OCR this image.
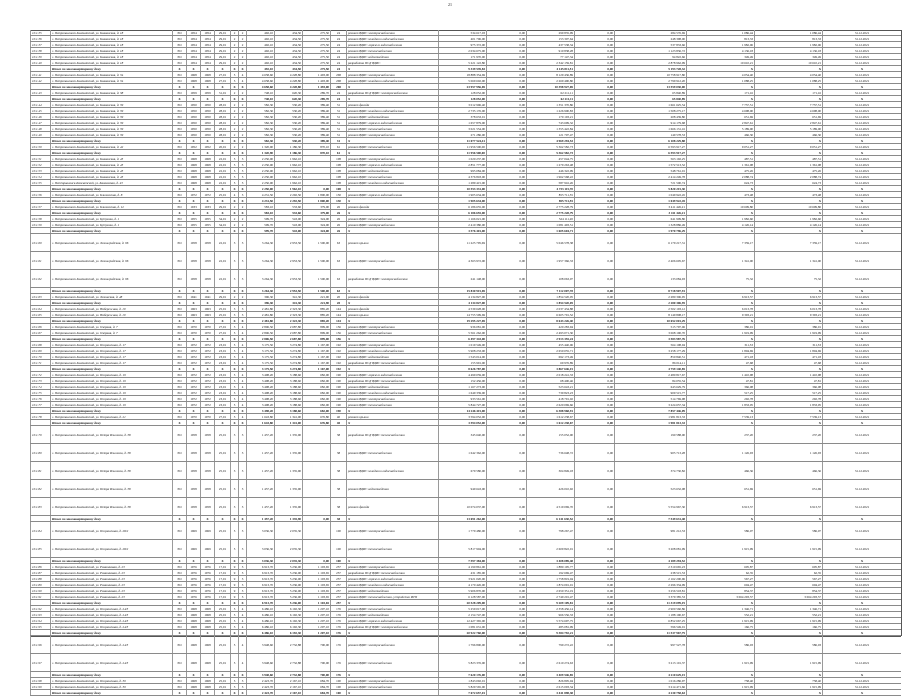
21
10.1.35	г. Петропавловск-Камчатский, ул. Кавказская, д. 18	РО	1954	1954	29,01	2	2	492,10	434,50	275,50	24	ремонт ВДИС электроснабжения	534 617,03	0,00	299 835,99	0,00	284 576,69	1 086,44	1 086,44	31.12.2021
10.1.36	г. Петропавловск-Камчатский, ул. Кавказская, д. 18	РО	1954	1954	29,01	2	2	492,10	434,50	275,50	24	ремонт ВДИС холодного водоснабжения	401 706,00	0,00	153 307,64	0,00	248 398,00	813,33	813,33	31.12.2021
10.1.37	г. Петропавловск-Камчатский, ул. Кавказская, д. 18	РО	1954	1954	29,01	2	2	492,10	434,50	275,50	24	ремонт ВДИС горячего водоснабжения	975 372,00	0,00	437 538,34	0,00	537 833,66	1 982,06	1 982,06	31.12.2021
10.1.38	г. Петропавловск-Камчатский, ул. Кавказская, д. 18	РО	1954	1954	29,01	2	2	492,10	434,50	275,50	24	ремонт ВДИС теплоснабжения	2 034 675,00	0,00	910 838,28	0,00	1 123 836,72	4 136,18	4 136,18	31.12.2021
10.1.39	г. Петропавловск-Камчатский, ул. Кавказская, д. 18	РО	1954	1954	29,01	2	2	492,10	434,50	275,50	24	ремонт ВДИС водоотведения	171 970,00	0,00	77 147,34	0,00	94 822,66	349,49	349,49	31.12.2021
10.1.40	г. Петропавловск-Камчатский, ул. Кавказская, д. 18	РО	1954	1954	29,01	2	2	492,10	434,50	275,50	24	разработка ПСД ВДИС	5 221 122,80	0,00	2 342 159,81	0,00	2 878 962,99	10 610,21	10 610,21	31.12.2021
Итого по многоквартирному дому	X	X	X	X	X	X	492,10	434,50	275,50	24	X	9 339 539,83	0,00	4 145 811,51	0,00	5 193 728,32	X	X	X
10.1.41	г. Петропавловск-Камчатский, ул. Кавказская, д. 34	РО	1968	1968	27,01	5	4	4 658,60	4 228,80	1 493,00	268	ремонт ВДИС электроснабжения	18 888 354,69	0,00	8 129 436,89	0,00	10 758 917,80	4 054,40	4 054,40	31.12.2021
10.1.42	г. Петропавловск-Камчатский, ул. Кавказская, д. 34	РО	1968	1968	27,01	5	4	4 658,60	4 228,80	1 493,00	268	ремонт ВДИС холодного водоснабжения	5 069 602,00	0,00	2 269 490,80	0,00	2 799 912,20	1 088,25	1 088,25	31.12.2021
Итого по многоквартирному дому	X	X	X	X	X	X	4 658,60	4 228,80	1 493,00	268	X	23 957 956,69	0,00	10 398 927,69	0,00	13 559 030,00	X	X	X
10.1.43	г. Петропавловск-Камчатский, ул. Кавказская, д. 38	РО	1959	1959	31,01	2	2	748,10	620,30	289,70	24	разработка ПСД ВДИС электроснабжения	128 052,00	0,00	62 211,11	0,00	65 840,89	171,16	171,16	31.12.2021
Итого по многоквартирному дому	X	X	X	X	X	X	748,10	620,30	289,70	24	X	128 052,00	0,00	62 211,11	0,00	65 840,89	X	X	X
10.1.44	г. Петропавловск-Камчатский, ул. Кавказская, д. 39	РО	1950	1950	28,01	2	2	582,30	530,20	389,40	31	ремонт фасада	3 012 996,40	0,00	1 351 370,86	0,00	1 661 625,54	7 757,51	7 757,51	31.12.2021
10.1.45	г. Петропавловск-Камчатский, ул. Кавказская, д. 39	РО	1950	1950	28,01	2	2	582,30	530,20	389,40	31	ремонт ВДИС холодного водоснабжения	2 735 176,00	0,00	1 226 900,83	0,00	1 508 275,17	4 698,00	4 698,00	31.12.2021
10.1.46	г. Петропавловск-Камчатский, ул. Кавказская, д. 39	РО	1950	1950	28,01	2	2	582,30	530,20	389,40	31	ремонт ВДИС водоотведения	378 633,01	0,00	170 193,21	0,00	208 439,80	651,69	651,69	31.12.2021
10.1.47	г. Петропавловск-Камчатский, ул. Кавказская, д. 39	РО	1950	1950	28,01	2	2	582,30	530,20	389,40	31	ремонт ВДИС горячего водоснабжения	1 657 879,00	0,00	743 699,32	0,00	914 179,68	2 847,61	2 847,61	31.12.2021
10.1.48	г. Петропавловск-Камчатский, ул. Кавказская, д. 39	РО	1950	1950	28,01	2	2	582,30	530,20	389,40	31	ремонт ВДИС теплоснабжения	3 021 554,00	0,00	1 355 422,84	0,00	1 666 131,16	5 189,00	5 189,00	31.12.2021
10.1.49	г. Петропавловск-Камчатский, ул. Кавказская, д. 39	РО	1950	1950	28,01	2	2	582,30	530,20	389,40	31	ремонт ВДИС электроснабжения	271 286,00	0,00	121 707,47	0,00	149 578,53	466,30	466,30	31.12.2021
Итого по многоквартирному дому	X	X	X	X	X	X	582,30	530,20	389,40	31	X	11 077 524,41	0,00	4 969 294,53	0,00	6 108 229,88	X	X	X
10.1.50	г. Петропавловск-Камчатский, ул. Кавказская, д. 42	РО	1952	1952	20,01	2	2	1 320,90	1 186,30	870,10	61	ремонт ВДИС теплоснабжения	11 956 500,00	0,00	5 362 582,73	0,00	6 593 917,27	9 051,27	9 051,27	31.12.2021
Итого по многоквартирному дому	X	X	X	X	X	X	1 320,90	1 186,30	870,10	61	X	11 956 500,00	0,00	5 362 582,73	0,00	6 593 917,27	X	X	X
10.1.51	г. Петропавловск-Камчатский, ул. Кавказская, д. 43	РО	1968	1968	22,01	5	3	2 250,00	1 962,10	108	ремонт ВДИС электроснабжения	1 020 237,00	0,00	457 044,75	0,00	563 192,25	487,51	487,51	31.12.2021
10.1.52	г. Петропавловск-Камчатский, ул. Кавказская, д. 43	РО	1968	1968	22,01	5	3	2 250,00	1 962,10	108	ремонт ВДИС горячего водоснабжения	2 851 777,00	0,00	1 279 263,48	0,00	1 572 513,52	1 361,08	1 361,08	31.12.2021
10.1.53	г. Петропавловск-Камчатский, ул. Кавказская, д. 43	РО	1968	1968	22,01	5	3	2 250,00	1 962,10	108	ремонт ВДИС водоотведения	995 084,00	0,00	446 322,99	0,00	548 761,01	475,26	475,26	31.12.2021
10.1.54	г. Петропавловск-Камчатский, ул. Кавказская, д. 43	РО	1968	1968	22,01	5	3	2 250,00	1 962,10	108	ремонт ВДИС теплоснабжения	4 376 818,00	0,00	1 962 568,22	0,00	2 414 249,78	2 088,74	2 088,74	31.12.2021
10.1.55	г. Петropавловск-Камчатский, ул. Кавказская, д. 43	РО	1968	1968	22,01	5	3	2 250,00	1 962,10	108	ремонт ВДИС холодного водоснабжения	1 289 415,00	0,00	587 916,26	0,00	721 500,74	624,73	624,73	31.12.2021
Итого по многоквартирному дому	X	X	X	X	X	X	2 250,00	1 962,10	0,00	108	X	10 553 331,00	0,00	4 733 115,70	0,00	5 820 215,30	X	X	X
10.1.56	г. Петропавловск-Камчатский, ул. Ключевская, д. 8	РО	1972	1972	25,01	4	3	4 231,50	2 292,50	1 800,00	130	ремонт ВДИС горячего водоснабжения	1 905 634,00	0,00	855 711,55	0,00	1 049 922,45	473,48	473,48	31.12.2021
Итого по многоквартирному дому	X	X	X	X	X	X	4 231,50	2 292,50	1 800,00	130	X	1 905 634,00	0,00	855 711,55	0,00	1 049 922,45	X	X	X
10.1.57	г. Петропавловск-Камчатский, ул. Ключевская, д. 12	РО	1933	1933	29,01	2	2	583,10	533,60	379,00	26	ремонт фасада	6 186 655,00	0,00	2 775 228,79	0,00	3 411 426,21	10 609,80	10 609,80	31.12.2021
Итого по многоквартирному дому	X	X	X	X	X	X	583,10	533,60	379,00	26	X	6 186 655,00	0,00	2 775 228,79	0,00	3 411 426,21	X	X	X
10.1.58	г. Петропавловск-Камчатский, ул. Кутузова, д. 1	РО	1955	1955	34,01	2	2	599,70	543,00	324,00	26	ремонт ВДИС теплоснабжения	1 166 021,00	0,00	524 111,20	0,00	641 909,80	1 982,60	1 982,60	31.12.2021
10.1.59	г. Петропавловск-Камчатский, ул. Кутузова, д. 1	РО	1955	1955	34,01	2	2	599,70	543,00	324,00	26	ремонт ВДИС электроснабжения	2 410 380,00	0,00	1 081 493,51	0,00	1 328 886,49	4 126,14	4 126,14	31.12.2021
Итого по многоквартирному дому	X	X	X	X	X	X	599,70	543,00	324,00	26	X	3 576 401,00	0,00	1 605 604,71	0,00	1 970 796,29	X	X	X
10.1.60	г. Петропавловск-Камчатский, ул. Ленинградская, д. 96	РО	1958	1958	22,01	3	3	3 264,30	2 953,50	1 500,00	63	ремонт крыши	11 225 795,69	0,00	5 046 578,38	0,00	6 179 217,31	7 359,17	7 359,17	31.12.2021
10.1.61	г. Петропавловск-Камчатский, ул. Ленинградская, д. 96	РО	1958	1958	22,01	3	3	3 264,30	2 953,50	1 500,00	63	ремонт ВДИС электроснабжения	4 363 972,00	0,00	1 957 366,33	0,00	2 406 605,67	1 341,00	1 341,00	31.12.2021
10.1.62	г. Петропавловск-Камчатский, ул. Ленинградская, д. 96	РО	1958	1958	22,01	3	3	3 264,30	2 953,50	1 500,00	63	разработка ПСД ВДИС электроснабжения	241 148,00	0,00	108 063,07	0,00	133 084,93	75,32	75,32	31.12.2021
Итого по многоквартирному дому	X	X	X	X	X	X	3 264,30	2 953,50	1 500,00	63	X	15 830 915,69	0,00	7 112 007,78	0,00	8 718 907,91	X	X	X
10.1.63	г. Петропавловск-Камчатский, ул. Ленинская, д. 48	РО	1941	1941	29,01	2	2	396,30	341,30	221,90	20	ремонт фасада	4 134 827,00	0,00	1 854 520,05	0,00	2 280 306,95	6 913,57	6 913,57	31.12.2021
Итого по многоквартирному дому	X	X	X	X	X	X	396,30	341,30	221,90	20	X	4 134 827,00	0,00	1 854 520,05	0,00	2 280 306,95	X	X	X
10.1.64	г. Петропавловск-Камчатский, ул. Набережная, д. 10	РО	1963	1963	25,01	3	3	2 481,80	2 323,30	885,20	144	ремонт фасада	4 539 628,00	0,00	2 037 434,88	0,00	2 502 193,12	6 013,78	6 013,78	31.12.2021
10.1.65	г. Петропавловск-Камчатский, ул. Набережная, д. 10	РО	1963	1963	25,01	3	3	2 481,80	2 323,30	885,20	144	ремонт крыши	14 755 599,69	0,00	6 605 791,52	0,00	8 149 808,17	9 393,21	9 393,21	31.12.2021
Итого по многоквартирному дому	X	X	X	X	X	X	2 481,80	2 323,30	885,20	144	X	19 295 227,69	0,00	8 643 226,40	0,00	10 652 001,29	X	X	X
10.1.66	г. Петропавловск-Камчатский, ул. Озерная, д. 7	РО	1970	1970	27,01	5	4	2 806,50	2 687,80	899,00	156	ремонт ВДИС электроснабжения	936 081,00	0,00	420 283,94	0,00	515 797,06	386,01	386,01	31.12.2021
10.1.67	г. Петропавловск-Камчатский, ул. Озерная, д. 7	РО	1970	1970	27,01	5	4	2 806,50	2 687,80	899,00	156	ремонт ВДИС теплоснабжения	5 561 262,00	0,00	2 493 071,30	0,00	3 068 190,70	1 919,99	1 919,99	31.12.2021
Итого по многоквартирному дому	X	X	X	X	X	X	2 806,50	2 687,80	899,00	156	X	6 497 343,00	0,00	2 913 355,24	0,00	3 583 987,76	X	X	X
10.1.68	г. Петропавловск-Камчатский, ул. Пограничная, д. 17	РО	1972	1972	23,01	5	4	3 175,50	3 274,80	1 167,00	192	ремонт ВДИС электроснабжения	1 019 549,00	0,00	455 440,06	0,00	564 108,94	311,33	311,33	31.12.2021
10.1.69	г. Петропавловск-Камчатский, ул. Пограничная, д. 17	РО	1972	1972	23,01	5	4	3 175,50	3 274,80	1 167,00	192	ремонт ВДИС холодного водоснабжения	5 908 233,00	0,00	2 650 055,71	0,00	3 258 177,29	1 804,69	1 804,69	31.12.2021
10.1.70	г. Петропавловск-Камчатский, ул. Пограничная, д. 17	РО	1972	1972	23,01	5	4	3 175,50	3 274,80	1 167,00	192	ремонт ВДИС водоотведения	1 543 014,00	0,00	692 173,49	0,00	850 840,51	471,18	471,18	31.12.2021
10.1.71	г. Петропавловск-Камчатский, ул. Пограничная, д. 17	РО	1972	1972	23,01	5	4	3 175,50	3 274,80	1 167,00	192	разработка ПСД ВДИС теплоснабжения	155 991,00	0,00	69 976,89	0,00	86 014,11	47,68	47,68	31.12.2021
Итого по многоквартирному дому	X	X	X	X	X	X	3 175,50	3 274,80	1 167,00	192	X	8 626 787,00	0,00	3 867 646,15	0,00	4 759 140,85	X	X	X
10.1.72	г. Петропавловск-Камчатский, ул. Пограничная, д. 19	РО	1972	1972	23,01	5	4	3 498,20	3 188,60	682,00	190	ремонт ВДИС горячего водоснабжения	4 499 059,00	0,00	2 018 241,33	0,00	2 480 817,67	1 410,98	1 410,98	31.12.2021
10.1.73	г. Петропавловск-Камчатский, ул. Пограничная, д. 19	РО	1972	1972	23,01	5	4	3 498,20	3 188,60	682,00	190	разработка ПСД ВДИС теплоснабжения	152 456,00	0,00	68 400,46	0,00	84 055,54	47,81	47,81	31.12.2021
10.1.74	г. Петропавловск-Камчатский, ул. Пограничная, д. 19	РО	1972	1972	23,01	5	4	3 498,20	3 188,60	682,00	190	ремонт ВДИС водоотведения	1 167 273,00	0,00	523 643,21	0,00	643 629,79	366,08	366,08	31.12.2021
10.1.75	г. Петропавловск-Камчатский, ул. Пограничная, д. 19	РО	1972	1972	23,01	5	4	3 498,20	3 188,60	682,00	190	ремонт ВДИС холодного водоснабжения	1 649 339,00	0,00	739 823,23	0,00	909 515,77	517,25	517,25	31.12.2021
10.1.76	г. Петропавловск-Камчатский, ул. Пограничная, д. 19	РО	1972	1972	23,01	5	4	3 498,20	3 188,60	682,00	190	ремонт ВДИС электроснабжения	933 561,00	0,00	418 791,02	0,00	514 769,98	292,78	292,78	31.12.2021
10.1.77	г. Петропавловск-Камчатский, ул. Пограничная, д. 19	РО	1972	1972	23,01	5	4	3 498,20	3 188,60	682,00	190	ремонт ВДИС теплоснабжения	5 844 727,00	0,00	2 620 069,66	0,00	3 224 657,34	1 833,05	1 833,05	31.12.2021
Итого по многоквартирному дому	X	X	X	X	X	X	3 498,20	3 188,60	682,00	190	X	14 246 415,00	0,00	6 388 968,91	0,00	7 857 446,09	X	X	X
10.1.78	г. Петропавловск-Камчатский, ул. Пограничная, д. 21	РО	1970	1970	27,01	5	4	1 643,80	1 341,00	676,80	40	ремонт крыши	3 594 052,00	0,00	1 612 238,67	0,00	1 981 813,33	7 539,13	7 539,13	31.12.2021
Итого по многоквартирному дому	X	X	X	X	X	X	1 643,80	1 341,00	676,80	40	X	3 594 052,00	0,00	1 612 238,67	0,00	1 981 813,33	X	X	X
10.1.79	г. Петропавловск-Камчатский, ул. Петра Ильичева, д. 38	РО	1958	1958	25,01	3	3	1 457,20	1 335,90	38	разработка ПСД ВДИС теплоснабжения	345 640,00	0,00	155 052,00	0,00	190 588,00	237,20	237,20	31.12.2021
10.1.80	г. Петропавловск-Камчатский, ул. Петра Ильичева, д. 38	РО	1958	1958	25,01	3	3	1 457,20	1 335,90	38	ремонт ВДИС теплоснабжения	1 642 362,00	0,00	736 648,72	0,00	905 713,28	1 126,93	1 126,93	31.12.2021
10.1.81	г. Петропавловск-Камчатский, ул. Петра Ильичева, д. 38	РО	1958	1958	25,01	3	3	1 457,20	1 335,90	38	ремонт ВДИС холодного водоснабжения	679 580,00	0,00	304 849,18	0,00	374 730,82	466,36	466,36	31.12.2021
10.1.82	г. Петропавловск-Камчатский, ул. Петра Ильичева, д. 38	РО	1958	1958	25,01	3	3	1 457,20	1 335,90	38	ремонт ВДИС водоотведения	949 643,00	0,00	426 010,92	0,00	523 632,08	651,69	651,69	31.12.2021
10.1.83	г. Петропавловск-Камчатский, ул. Петра Ильичева, д. 38	РО	1958	1958	25,01	3	3	1 457,20	1 335,90	38	ремонт фасада	10 074 037,00	0,00	4 519 069,70	0,00	5 554 967,30	6 913,57	6 913,57	31.12.2021
Итого по многоквартирному дому	X	X	X	X	X	X	1 457,20	1 335,90	0,00	38	X	13 691 262,00	0,00	6 141 630,52	0,00	7 549 631,48	X	X	X
10.1.84	г. Петропавловск-Камчатский, ул. Пограничная, д. 28/2	РО	1969	1969	25,01	5	3	3 036,30	2 035,30	100	ремонт ВДИС электроснабжения	1 779 480,00	0,00	798 267,47	0,00	981 212,53	586,07	586,07	31.12.2021
10.1.85	г. Петропавловск-Камчатский, ул. Пограничная, д. 28/2	РО	1969	1969	25,01	5	3	3 036,30	2 035,30	100	ремонт ВДИС теплоснабжения	5 817 904,00	0,00	2 609 822,01	0,00	3 208 081,99	1 915,99	1 915,99	31.12.2021
Итого по многоквартирному дому	X	X	X	X	X	X	3 036,30	2 035,30	0,00	100	X	7 597 384,00	0,00	3 408 089,48	0,00	4 189 294,52	X	X	X
10.1.86	г. Петропавловск-Камчатский, ул. Ромашковая, д. 23	РО	1976	1976	17,01	9	3	6 913,70	5 236,00	1 103,65	257	ремонт ВДИС электроснабжения	4 190 861,00	0,00	1 880 195,77	0,00	2 310 665,23	605,87	605,87	31.12.2021
10.1.87	г. Петропавловск-Камчатский, ул. Ромашковая, д. 23	РО	1976	1976	17,01	9	3	6 913,70	5 236,00	1 103,65	257	разработка ПСД ВДИС теплоснабжения	431 185,00	0,00	192 669,47	0,00	238 515,53	62,35	62,35	31.12.2021
10.1.88	г. Петропавловск-Камчатский, ул. Ромашковая, д. 23	РО	1976	1976	17,01	9	3	6 913,70	5 236,00	1 103,65	257	ремонт ВДИС горячего водоснабжения	3 921 020,00	0,00	1 758 819,04	0,00	2 162 200,96	567,27	567,27	31.12.2021
10.1.89	г. Петропавловск-Камчатский, ул. Ромашковая, д. 23	РО	1976	1976	17,01	9	3	6 913,70	5 236,00	1 103,65	257	ремонт ВДИС холодного водоснабжения	4 170 426,00	0,00	1 874 091,01	0,00	2 296 334,99	604,47	604,47	31.12.2021
10.1.90	г. Петропавловск-Камчатский, ул. Ромашковая, д. 23	РО	1976	1976	17,01	9	3	6 913,70	5 236,00	1 103,65	257	ремонт ВДИС водоотведения	5 906 870,00	0,00	2 650 351,19	0,00	3 256 518,81	854,37	854,37	31.12.2021
10.1.91	г. Петропавловск-Камчатский, ул. Ромашковая, д. 23	РО	1976	1976	17,01	9	3	6 913,70	5 236,00	1 103,65	257	ремонт ВДИС теплоснабжения, устройство ИТП	6 128 587,00	0,00	2 749 201,47	0,00	3 379 385,53	3 064 293,57	3 064 293,57	31.12.2021
Итого по многоквартирному дому	X	X	X	X	X	X	6 913,70	5 236,00	1 103,65	257	X	20 528 209,00	0,00	9 209 109,81	0,00	11 319 099,19	X	X	X
10.1.92	г. Петропавловск-Камчатский, ул. Пограничная, д. 24/3	РО	1968	1968	25,01	5	4	6 486,10	6 192,30	1 207,10	176	ремонт ВДИС теплоснабжения	5 259 017,00	0,00	2 358 456,14	0,00	2 900 560,86	1 346,71	1 346,71	31.12.2021
10.1.93	г. Петропавловск-Камчатский, ул. Пограничная, д. 24/3	РО	1968	1968	25,01	5	4	6 486,10	6 192,30	1 207,10	176	ремонт ВДИС водоотведения	2 154 747,00	0,00	966 556,33	0,00	1 188 190,67	552,21	552,21	31.12.2021
10.1.94	г. Петропавловск-Камчатский, ул. Пограничная, д. 24/3	РО	1968	1968	25,01	5	4	6 486,10	6 192,30	1 207,10	176	ремонт ВДИС горячего водоснабжения	12 427 365,00	0,00	5 574 697,75	0,00	6 852 667,25	1 915,99	1 915,99	31.12.2021
10.1.95	г. Петропавловск-Камчатский, ул. Пограничная, д. 24/3	РО	1968	1968	25,01	5	4	6 486,10	6 192,30	1 207,10	176	разработка ПСД ВДИС электроснабжения	1 081 631,00	0,00	485 081,99	0,00	596 549,01	166,75	166,75	31.12.2021
Итого по многоквартирному дому	X	X	X	X	X	X	6 486,10	6 192,30	1 207,10	176	X	20 922 760,00	0,00	9 384 792,21	0,00	11 537 967,79	X	X	X
10.1.96	г. Петропавловск-Камчатский, ул. Пограничная, д. 24/3	РО	1968	1968	25,01	5	4	3 948,60	2 732,88	700,00	176	ремонт ВДИС электроснабжения	1 796 800,00	0,00	799 272,22	0,00	997 527,78	586,03	586,03	31.12.2021
10.1.97	г. Петропавловск-Камчатский, ул. Пограничная, д. 24/3	РО	1968	1968	25,01	5	4	3 948,60	2 732,88	700,00	176	ремонт ВДИС теплоснабжения	5 823 376,00	0,00	2 610 274,63	0,00	3 213 101,37	1 915,99	1 915,99	31.12.2021
Итого по многоквартирному дому	X	X	X	X	X	X	3 948,60	2 732,88	700,00	176	X	7 620 176,00	0,00	3 409 546,85	0,00	4 210 629,15	X	X	X
10.1.98	г. Петропавловск-Камчатский, ул. Пограничная, д. 30	РО	1968	1968	25,01	5	3	2 423,70	2 167,10	684,70	100	ремонт ВДИС электроснабжения	1 843 092,01	0,00	826 805,04	0,00	1 016 286,97	758,40	758,40	31.12.2021
10.1.99	г. Петропавловск-Камчатский, ул. Пограничная, д. 30	РО	1968	1968	25,01	5	3	2 423,70	2 167,10	684,70	100	ремонт ВДИС теплоснабжения	5 829 565,00	0,00	2 615 093,34	0,00	3 214 471,66	1 915,99	1 915,99	31.12.2021
Итого по многоквартирному дому	X	X	X	X	X	X	2 423,70	2 167,10	684,70	100	X	7 672 657,01	0,00	3 441 898,38	0,00	4 230 758,63	X	X	X
